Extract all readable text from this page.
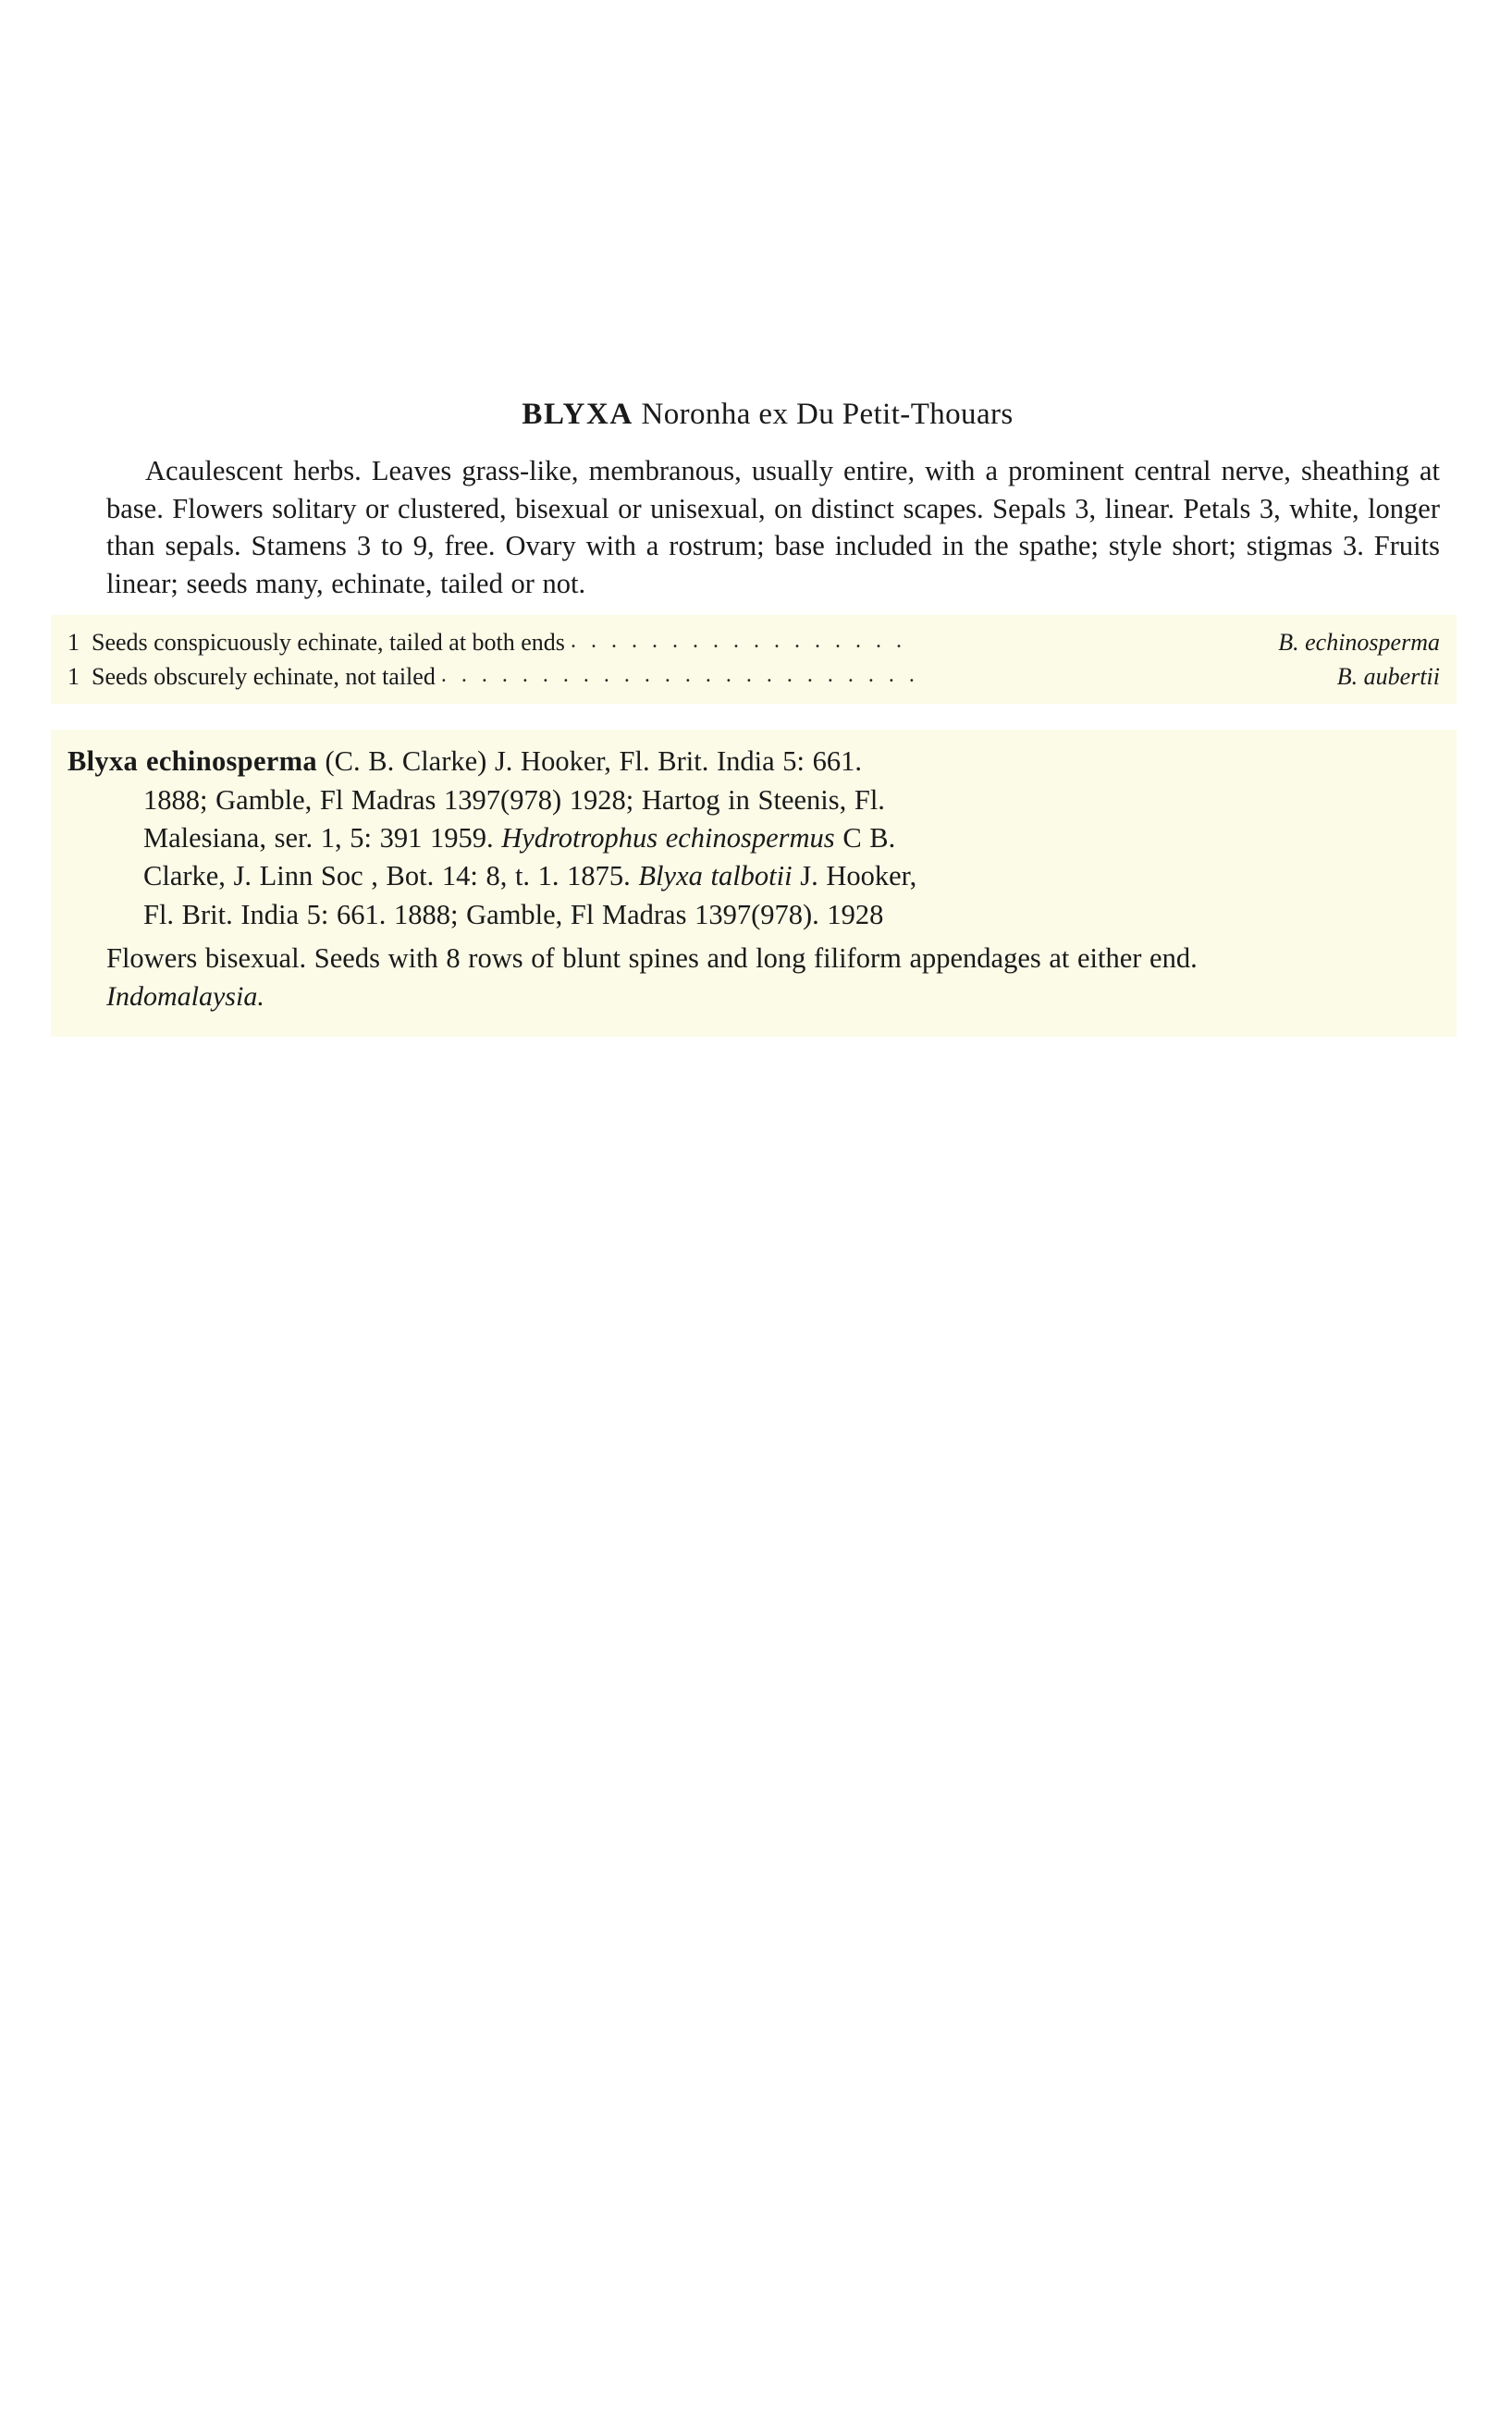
BLYXA Noronha ex Du Petit-Thouars

Acaulescent herbs. Leaves grass-like, membranous, usually entire, with a prominent central nerve, sheathing at base. Flowers solitary or clustered, bisexual or unisexual, on distinct scapes. Sepals 3, linear. Petals 3, white, longer than sepals. Stamens 3 to 9, free. Ovary with a rostrum; base included in the spathe; style short; stigmas 3. Fruits linear; seeds many, echinate, tailed or not.

1 Seeds conspicuously echinate, tailed at both ends . . . . . . . . . . . . . . . . .	B. echinosperma
1 Seeds obscurely echinate, not tailed . . . . . . . . . . . . . . . . . . . . . . . .	B. aubertii

Blyxa echinosperma (C. B. Clarke) J. Hooker, Fl. Brit. India 5: 661.
1888; Gamble, Fl Madras 1397(978) 1928; Hartog in Steenis, Fl.
Malesiana, ser. 1, 5: 391 1959. Hydrotrophus echinospermus C B.
Clarke, J. Linn Soc , Bot. 14: 8, t. 1. 1875. Blyxa talbotii J. Hooker,
Fl. Brit. India 5: 661. 1888; Gamble, Fl Madras 1397(978). 1928

Flowers bisexual. Seeds with 8 rows of blunt spines and long filiform appendages at either end.

Indomalaysia.
